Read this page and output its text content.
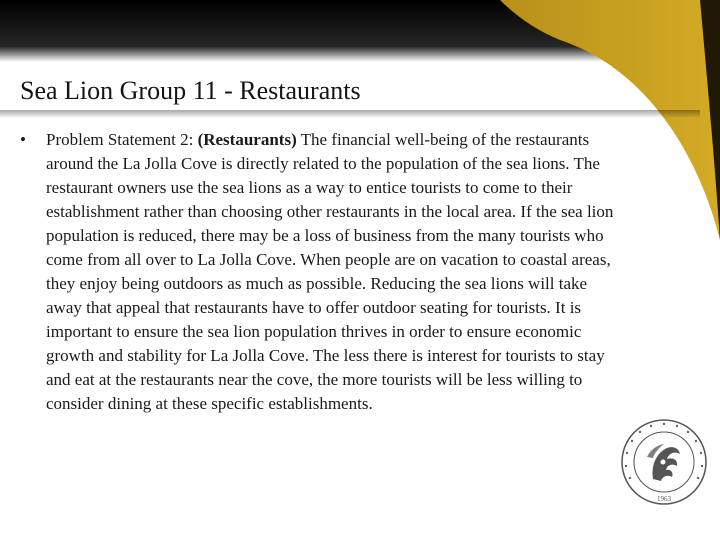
Sea Lion Group 11 - Restaurants
• Problem Statement 2: (Restaurants) The financial well-being of the restaurants around the La Jolla Cove is directly related to the population of the sea lions. The restaurant owners use the sea lions as a way to entice tourists to come to their establishment rather than choosing other restaurants in the local area. If the sea lion population is reduced, there may be a loss of business from the many tourists who come from all over to La Jolla Cove. When people are on vacation to coastal areas, they enjoy being outdoors as much as possible. Reducing the sea lions will take away that appeal that restaurants have to offer outdoor seating for tourists. It is important to ensure the sea lion population thrives in order to ensure economic growth and stability for La Jolla Cove. The less there is interest for tourists to stay and eat at the restaurants near the cove, the more tourists will be less willing to consider dining at these specific establishments.
1963
